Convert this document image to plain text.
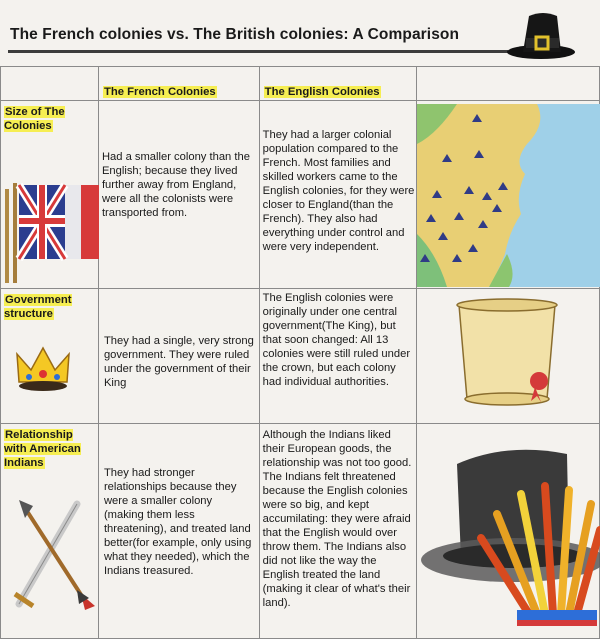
The French colonies vs. The British colonies: A Comparison
	The French Colonies	The English Colonies	

Size of The Colonies	Had a smaller colony than the English; because they lived further away from England, were all the colonists were transported from.	They had a larger colonial population compared to the French. Most families and skilled workers came to the English colonies, for they were closer to England(than the French). They also had everything under control and were very independent.

Government structure	They had a single, very strong government. They were ruled under the government of their King	The English colonies were originally under one central government(The King), but that soon changed: All 13 colonies were still ruled under the crown, but each colony had individual authorities.

Relationship with American Indians	They had stronger relationships because they were a smaller colony (making them less threatening), and treated land better(for example, only using what they needed), which the Indians treasured.	Although the Indians liked their European goods, the relationship was not too good. The Indians felt threatened because the English colonies were so big, and kept accumilating: they were afraid that the English would over throw them. The Indians also did not like the way the English treated the land (making it clear of what's their land).
